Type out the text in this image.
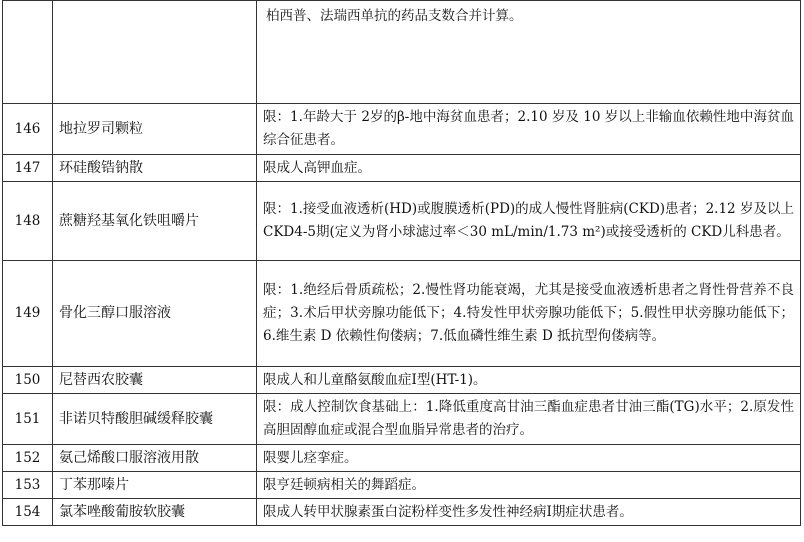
		柏西普、法瑞西单抗的药品支数合并计算。
146	地拉罗司颗粒	限：1.年龄大于 2岁的β-地中海贫血患者；2.10 岁及 10 岁以上非输血依赖性地中海贫血综合征患者。
147	环硅酸锆钠散	限成人高钾血症。
148	蔗糖羟基氧化铁咀嚼片	限：1.接受血液透析(HD)或腹膜透析(PD)的成人慢性肾脏病(CKD)患者；2.12 岁及以上 CKD4-5期(定义为肾小球滤过率＜30 mL/min/1.73 m²)或接受透析的 CKD儿科患者。
149	骨化三醇口服溶液	限：1.绝经后骨质疏松；2.慢性肾功能衰竭，尤其是接受血液透析患者之肾性骨营养不良症；3.术后甲状旁腺功能低下；4.特发性甲状旁腺功能低下；5.假性甲状旁腺功能低下；6.维生素 D 依赖性佝偻病；7.低血磷性维生素 D 抵抗型佝偻病等。
150	尼替西农胶囊	限成人和儿童酪氨酸血症Ⅰ型(HT-1)。
151	非诺贝特酸胆碱缓释胶囊	限：成人控制饮食基础上：1.降低重度高甘油三酯血症患者甘油三酯(TG)水平；2.原发性高胆固醇血症或混合型血脂异常患者的治疗。
152	氨己烯酸口服溶液用散	限婴儿痉挛症。
153	丁苯那嗪片	限亨廷顿病相关的舞蹈症。
154	氯苯唑酸葡胺软胶囊	限成人转甲状腺素蛋白淀粉样变性多发性神经病Ⅰ期症状患者。
